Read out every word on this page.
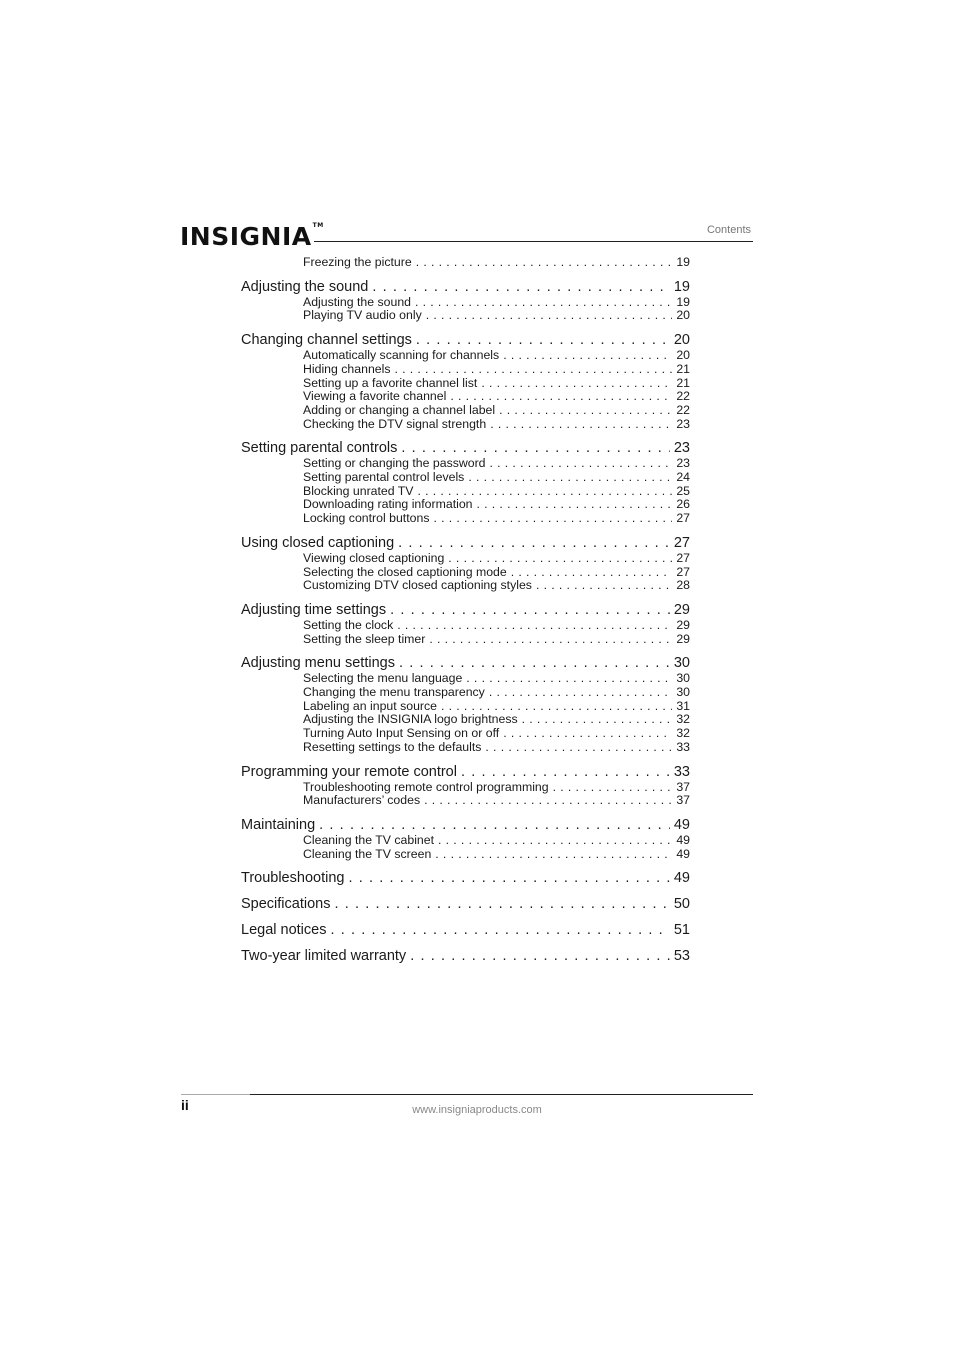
INSIGNIA™	Contents
Freezing the picture . . .	19
Adjusting the sound . . .	19
Adjusting the sound . . .	19
Playing TV audio only . . .	20
Changing channel settings . . .	20
Automatically scanning for channels . . .	20
Hiding channels . . .	21
Setting up a favorite channel list . . .	21
Viewing a favorite channel . . .	22
Adding or changing a channel label . . .	22
Checking the DTV signal strength . . .	23
Setting parental controls . . .	23
Setting or changing the password . . .	23
Setting parental control levels . . .	24
Blocking unrated TV . . .	25
Downloading rating information . . .	26
Locking control buttons . . .	27
Using closed captioning . . .	27
Viewing closed captioning . . .	27
Selecting the closed captioning mode . . .	27
Customizing DTV closed captioning styles . . .	28
Adjusting time settings . . .	29
Setting the clock . . .	29
Setting the sleep timer . . .	29
Adjusting menu settings . . .	30
Selecting the menu language . . .	30
Changing the menu transparency . . .	30
Labeling an input source . . .	31
Adjusting the INSIGNIA logo brightness . . .	32
Turning Auto Input Sensing on or off . . .	32
Resetting settings to the defaults . . .	33
Programming your remote control . . .	33
Troubleshooting remote control programming . . .	37
Manufacturers’ codes . . .	37
Maintaining . . .	49
Cleaning the TV cabinet . . .	49
Cleaning the TV screen . . .	49
Troubleshooting . . .	49
Specifications . . .	50
Legal notices . . .	51
Two-year limited warranty . . .	53
ii	www.insigniaproducts.com
